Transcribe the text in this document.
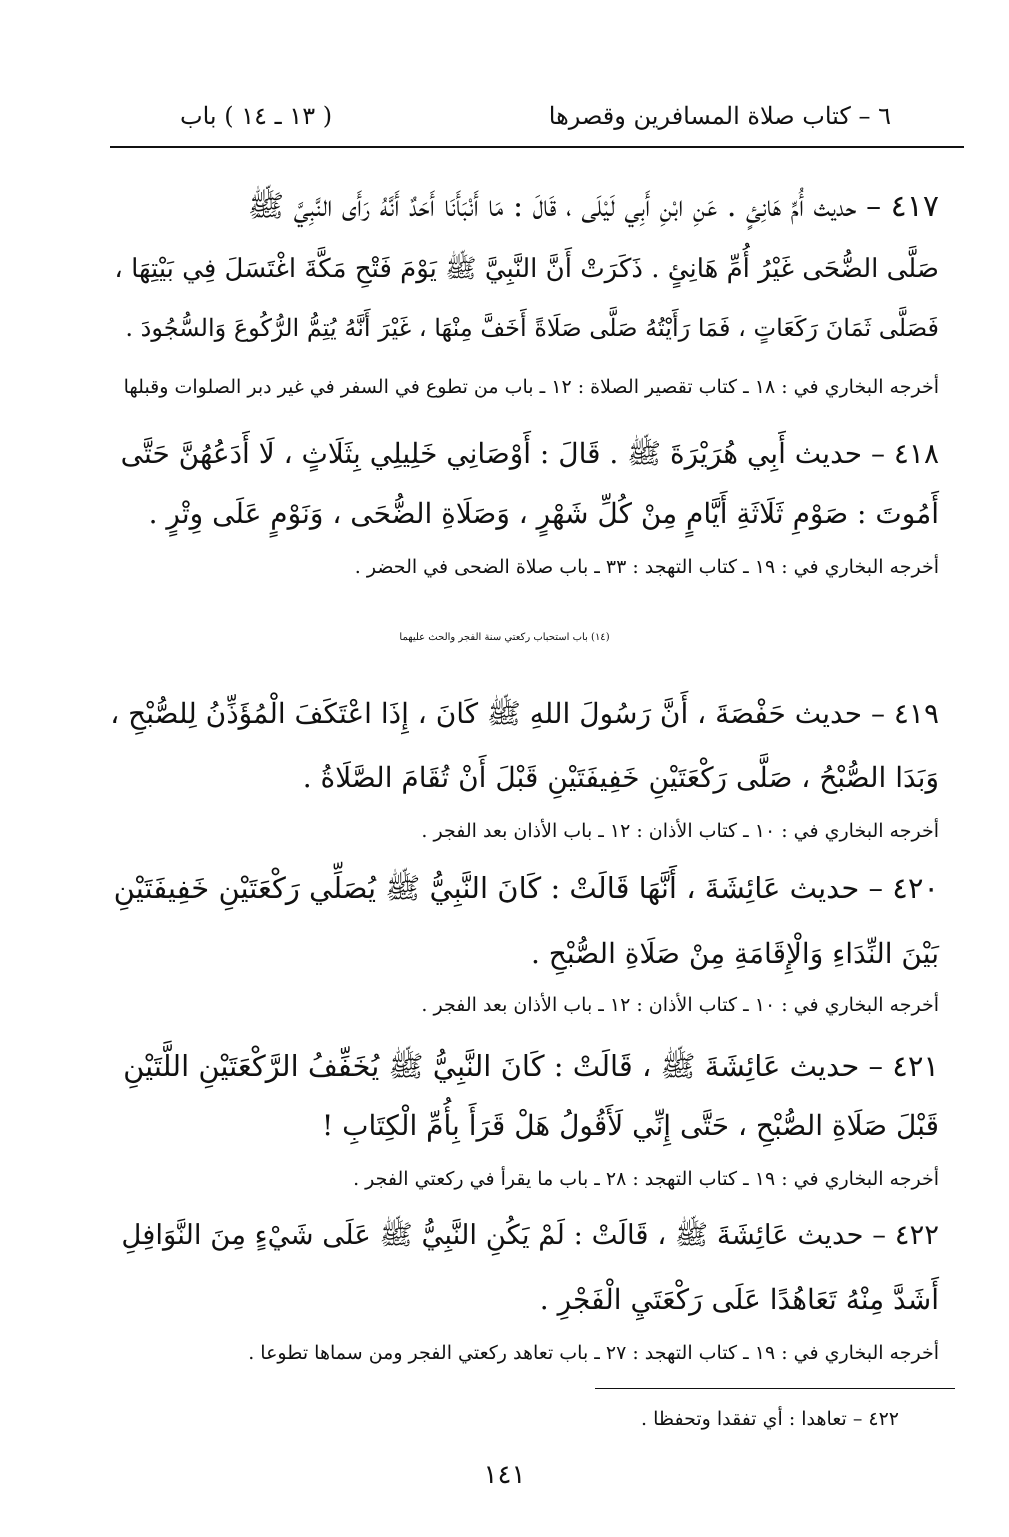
٦ – كتاب صلاة المسافرين وقصرها
( ١٣ ـ ١٤ ) باب
٤١٧ – حديث أُمِّ هَانِئٍ . عَنِ ابْنِ أَبِي لَيْلَى ، قَالَ : مَا أَنْبَأَنَا أَحَدٌ أَنَّهُ رَأَى النَّبِيَّ ﷺ
صَلَّى الضُّحَى غَيْرُ أُمِّ هَانِئٍ . ذَكَرَتْ أَنَّ النَّبِيَّ ﷺ يَوْمَ فَتْحِ مَكَّةَ اغْتَسَلَ فِي بَيْتِهَا ،
فَصَلَّى ثَمَانَ رَكَعَاتٍ ، فَمَا رَأَيْتُهُ صَلَّى صَلَاةً أَخَفَّ مِنْهَا ، غَيْرَ أَنَّهُ يُتِمُّ الرُّكُوعَ وَالسُّجُودَ .
أخرجه البخاري في : ١٨ ـ كتاب تقصير الصلاة : ١٢ ـ باب من تطوع في السفر في غير دبر الصلوات وقبلها
٤١٨ – حديث أَبِي هُرَيْرَةَ ﷺ . قَالَ : أَوْصَانِي خَلِيلِي بِثَلَاثٍ ، لَا أَدَعُهُنَّ حَتَّى
أَمُوتَ : صَوْمِ ثَلَاثَةِ أَيَّامٍ مِنْ كُلِّ شَهْرٍ ، وَصَلَاةِ الضُّحَى ، وَنَوْمٍ عَلَى وِتْرٍ .
أخرجه البخاري في : ١٩ ـ كتاب التهجد : ٣٣ ـ باب صلاة الضحى في الحضر .
(١٤) باب استحباب ركعتي سنة الفجر والحث عليهما
٤١٩ – حديث حَفْصَةَ ، أَنَّ رَسُولَ اللهِ ﷺ كَانَ ، إِذَا اعْتَكَفَ الْمُؤَذِّنُ لِلصُّبْحِ ،
وَبَدَا الصُّبْحُ ، صَلَّى رَكْعَتَيْنِ خَفِيفَتَيْنِ قَبْلَ أَنْ تُقَامَ الصَّلَاةُ .
أخرجه البخاري في : ١٠ ـ كتاب الأذان : ١٢ ـ باب الأذان بعد الفجر .
٤٢٠ – حديث عَائِشَةَ ، أَنَّهَا قَالَتْ : كَانَ النَّبِيُّ ﷺ يُصَلِّي رَكْعَتَيْنِ خَفِيفَتَيْنِ
بَيْنَ النِّدَاءِ وَالْإِقَامَةِ مِنْ صَلَاةِ الصُّبْحِ .
أخرجه البخاري في : ١٠ ـ كتاب الأذان : ١٢ ـ باب الأذان بعد الفجر .
٤٢١ – حديث عَائِشَةَ ﷺ ، قَالَتْ : كَانَ النَّبِيُّ ﷺ يُخَفِّفُ الرَّكْعَتَيْنِ اللَّتَيْنِ
قَبْلَ صَلَاةِ الصُّبْحِ ، حَتَّى إِنِّي لَأَقُولُ هَلْ قَرَأَ بِأُمِّ الْكِتَابِ !
أخرجه البخاري في : ١٩ ـ كتاب التهجد : ٢٨ ـ باب ما يقرأ في ركعتي الفجر .
٤٢٢ – حديث عَائِشَةَ ﷺ ، قَالَتْ : لَمْ يَكُنِ النَّبِيُّ ﷺ عَلَى شَيْءٍ مِنَ النَّوَافِلِ
أَشَدَّ مِنْهُ تَعَاهُدًا عَلَى رَكْعَتَيِ الْفَجْرِ .
أخرجه البخاري في : ١٩ ـ كتاب التهجد : ٢٧ ـ باب تعاهد ركعتي الفجر ومن سماها تطوعا .
٤٢٢ – تعاهدا : أي تفقدا وتحفظا .
١٤١
